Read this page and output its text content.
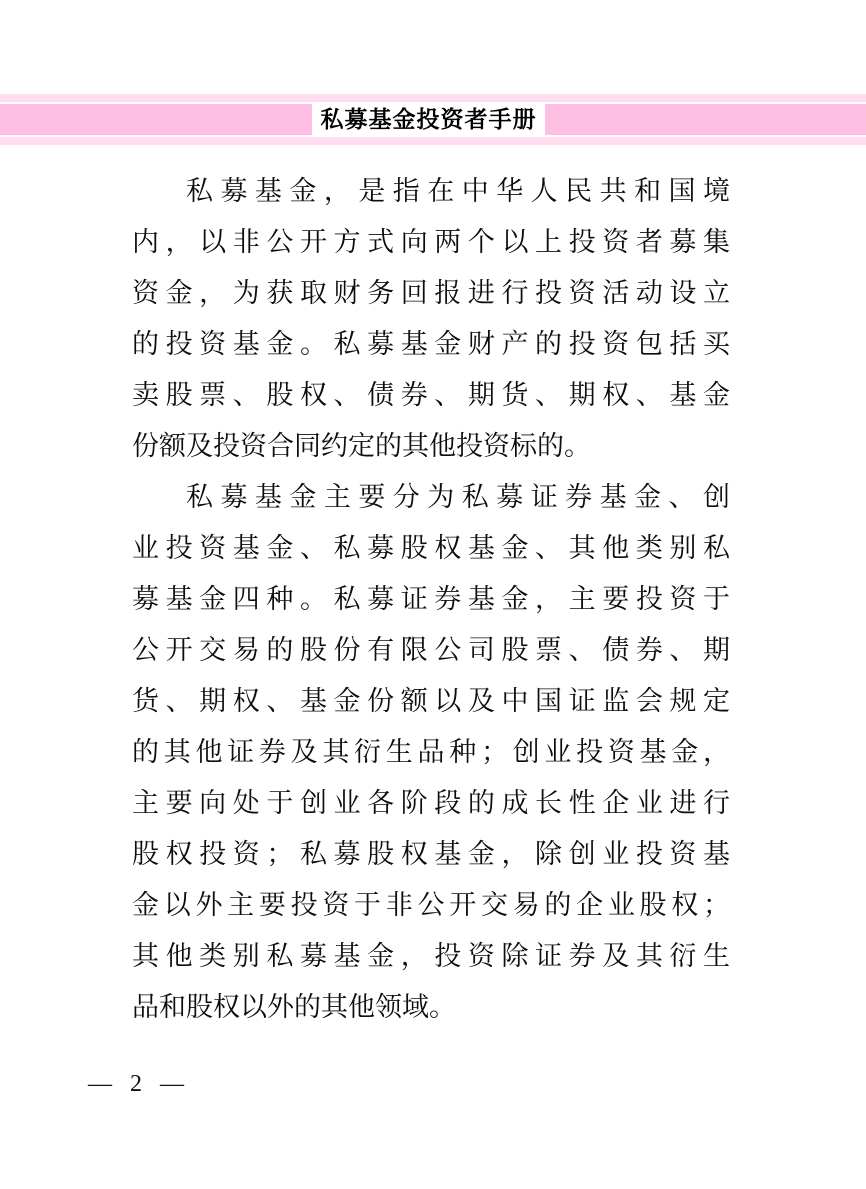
私募基金投资者手册
私募基金，是指在中华人民共和国境
内，以非公开方式向两个以上投资者募集
资金，为获取财务回报进行投资活动设立
的投资基金。私募基金财产的投资包括买
卖股票、股权、债券、期货、期权、基金
份额及投资合同约定的其他投资标的。
私募基金主要分为私募证券基金、创
业投资基金、私募股权基金、其他类别私
募基金四种。私募证券基金，主要投资于
公开交易的股份有限公司股票、债券、期
货、期权、基金份额以及中国证监会规定
的其他证券及其衍生品种；创业投资基金，
主要向处于创业各阶段的成长性企业进行
股权投资；私募股权基金，除创业投资基
金以外主要投资于非公开交易的企业股权；
其他类别私募基金，投资除证券及其衍生
品和股权以外的其他领域。
— 2 —
